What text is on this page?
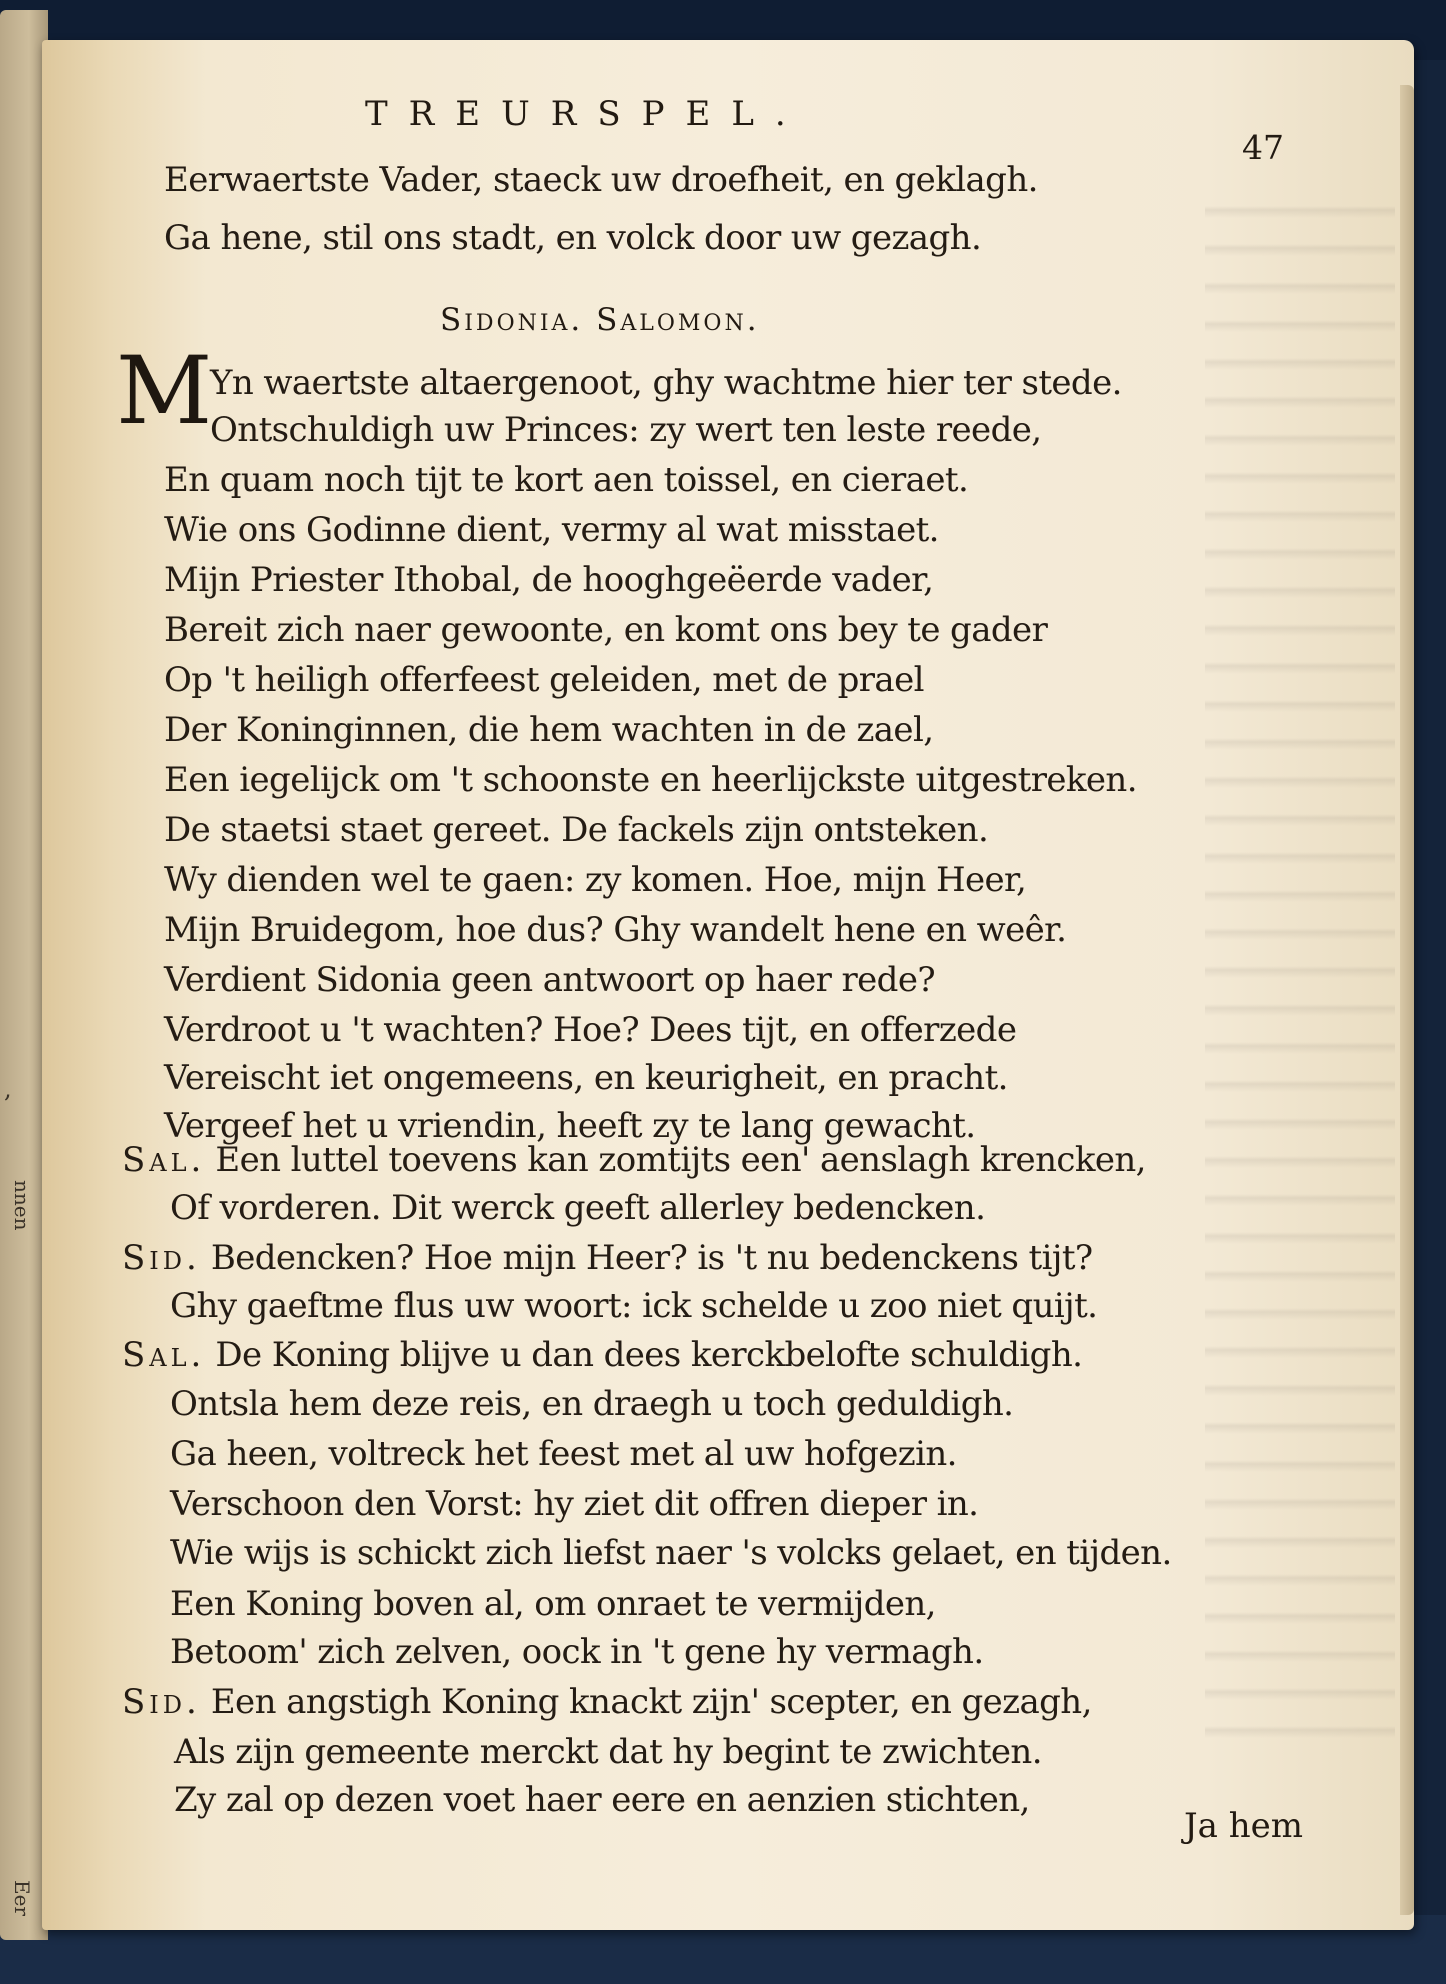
,
nnen
Eer
TREURSPEL.
47
Eerwaertste Vader, staeck uw droefheit, en geklagh.
Ga hene, stil ons stadt, en volck door uw gezagh.
Sidonia. Salomon.
M
Yn waertste altaergenoot, ghy wachtme hier ter stede.
Ontschuldigh uw Princes: zy wert ten leste reede,
En quam noch tijt te kort aen toissel, en cieraet.
Wie ons Godinne dient, vermy al wat misstaet.
Mijn Priester Ithobal, de hooghgeëerde vader,
Bereit zich naer gewoonte, en komt ons bey te gader
Op 't heiligh offerfeest geleiden, met de prael
Der Koninginnen, die hem wachten in de zael,
Een iegelijck om 't schoonste en heerlijckste uitgestreken.
De staetsi staet gereet. De fackels zijn ontsteken.
Wy dienden wel te gaen: zy komen. Hoe, mijn Heer,
Mijn Bruidegom, hoe dus? Ghy wandelt hene en weêr.
Verdient Sidonia geen antwoort op haer rede?
Verdroot u 't wachten? Hoe? Dees tijt, en offerzede
Vereischt iet ongemeens, en keurigheit, en pracht.
Vergeef het u vriendin, heeft zy te lang gewacht.
Sal. Een luttel toevens kan zomtijts een' aenslagh krencken,
Of vorderen. Dit werck geeft allerley bedencken.
Sid. Bedencken? Hoe mijn Heer? is 't nu bedenckens tijt?
Ghy gaeftme flus uw woort: ick schelde u zoo niet quijt.
Sal. De Koning blijve u dan dees kerckbelofte schuldigh.
Ontsla hem deze reis, en draegh u toch geduldigh.
Ga heen, voltreck het feest met al uw hofgezin.
Verschoon den Vorst: hy ziet dit offren dieper in.
Wie wijs is schickt zich liefst naer 's volcks gelaet, en tijden.
Een Koning boven al, om onraet te vermijden,
Betoom' zich zelven, oock in 't gene hy vermagh.
Sid. Een angstigh Koning knackt zijn' scepter, en gezagh,
Als zijn gemeente merckt dat hy begint te zwichten.
Zy zal op dezen voet haer eere en aenzien stichten,
Ja hem
